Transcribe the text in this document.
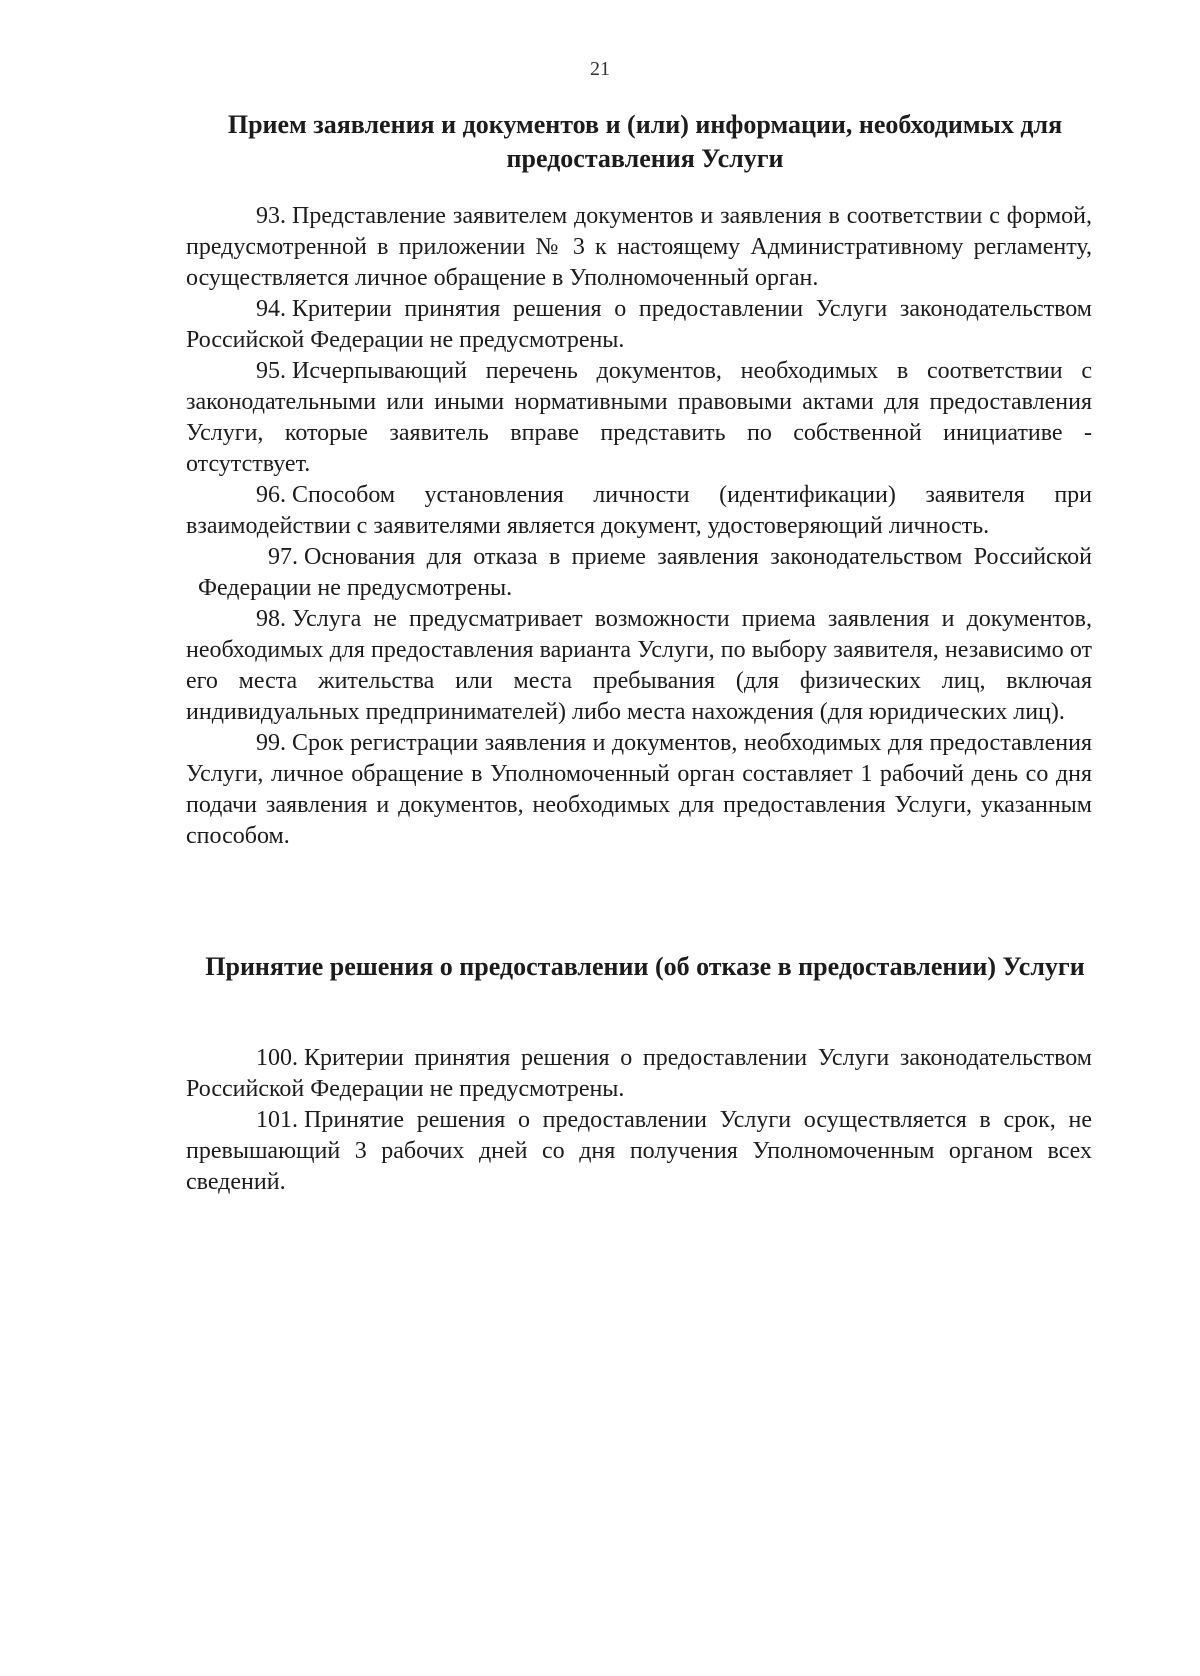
21
Прием заявления и документов и (или) информации, необходимых для предоставления Услуги

93. Представление заявителем документов и заявления в соответствии с формой, предусмотренной в приложении № 3 к настоящему Административному регламенту, осуществляется личное обращение в Уполномоченный орган.

94. Критерии принятия решения о предоставлении Услуги законодательством Российской Федерации не предусмотрены.

95. Исчерпывающий перечень документов, необходимых в соответствии с законодательными или иными нормативными правовыми актами для предоставления Услуги, которые заявитель вправе представить по собственной инициативе - отсутствует.

96. Способом установления личности (идентификации) заявителя при взаимодействии с заявителями является документ, удостоверяющий личность.

97. Основания для отказа в приеме заявления законодательством Российской Федерации не предусмотрены.

98. Услуга не предусматривает возможности приема заявления и документов, необходимых для предоставления варианта Услуги, по выбору заявителя, независимо от его места жительства или места пребывания (для физических лиц, включая индивидуальных предпринимателей) либо места нахождения (для юридических лиц).

99. Срок регистрации заявления и документов, необходимых для предоставления Услуги, личное обращение в Уполномоченный орган составляет 1 рабочий день со дня подачи заявления и документов, необходимых для предоставления Услуги, указанным способом.

Принятие решения о предоставлении (об отказе в предоставлении) Услуги

100. Критерии принятия решения о предоставлении Услуги законодательством Российской Федерации не предусмотрены.

101. Принятие решения о предоставлении Услуги осуществляется в срок, не превышающий 3 рабочих дней со дня получения Уполномоченным органом всех сведений.
